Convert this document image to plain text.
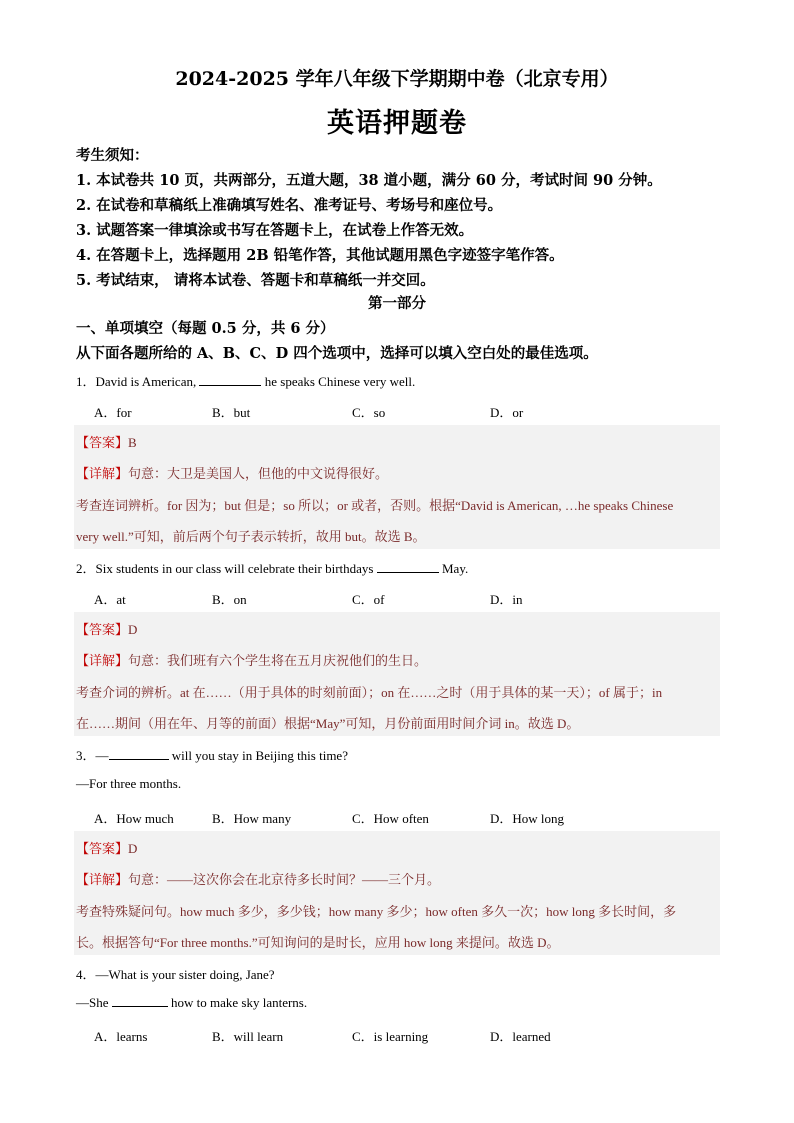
2024-2025 学年八年级下学期期中卷（北京专用）
英语押题卷
考生须知：
1. 本试卷共 10 页，共两部分，五道大题，38 道小题，满分 60 分，考试时间 90 分钟。
2. 在试卷和草稿纸上准确填写姓名、准考证号、考场号和座位号。
3. 试题答案一律填涂或书写在答题卡上，在试卷上作答无效。
4. 在答题卡上，选择题用 2B 铅笔作答，其他试题用黑色字迹签字笔作答。
5. 考试结束， 请将本试卷、答题卡和草稿纸一并交回。
第一部分
一、单项填空（每题 0.5 分，共 6 分）
从下面各题所给的 A、B、C、D 四个选项中，选择可以填入空白处的最佳选项。
1．David is American,	he speaks Chinese very well.
A．for	B．but	C．so	D．or
【答案】B
【详解】句意：大卫是美国人，但他的中文说得很好。
考查连词辨析。for 因为；but 但是；so 所以；or 或者，否则。根据“David is American, …he speaks Chinese
very well.”可知，前后两个句子表示转折，故用 but。故选 B。
2．Six students in our class will celebrate their birthdays	May.
A．at	B．on	C．of	D．in
【答案】D
【详解】句意：我们班有六个学生将在五月庆祝他们的生日。
考查介词的辨析。at 在……（用于具体的时刻前面）；on 在……之时（用于具体的某一天）；of 属于；in
在……期间（用在年、月等的前面）根据“May”可知，月份前面用时间介词 in。故选 D。
3．—	will you stay in Beijing this time?
—For three months.
A．How much	B．How many	C．How often	D．How long
【答案】D
【详解】句意：——这次你会在北京待多长时间？——三个月。
考查特殊疑问句。how much 多少，多少钱；how many 多少；how often 多久一次；how long 多长时间，多
长。根据答句“For three months.”可知询问的是时长，应用 how long 来提问。故选 D。
4．—What is your sister doing, Jane?
—She	how to make sky lanterns.
A．learns	B．will learn	C．is learning	D．learned
